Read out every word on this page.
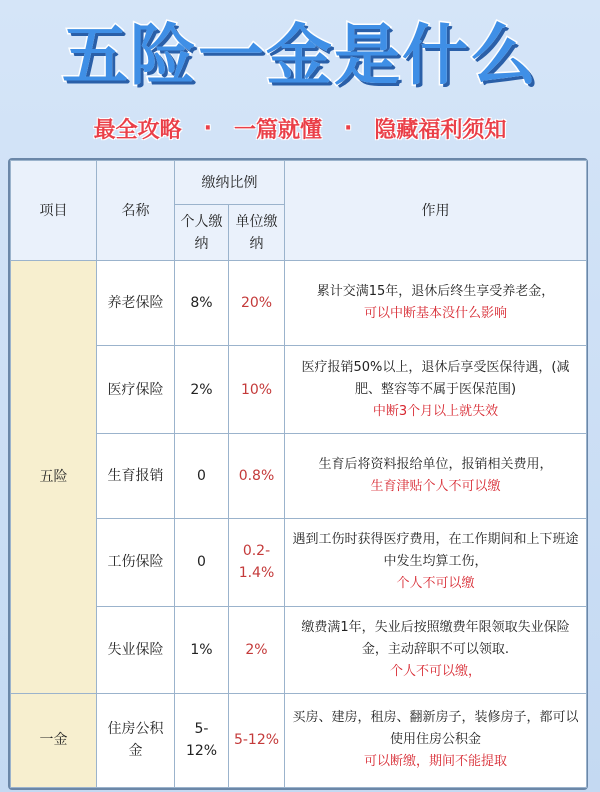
五险一金是什么
最全攻略 · 一篇就懂 · 隐藏福利须知
项目	名称	缴纳比例		作用
		个人缴纳	单位缴纳	
五险	养老保险	8%	20%	累计交满15年，退休后终生享受养老金，
可以中断基本没什么影响

	医疗保险	2%	10%	医疗报销50%以上，退休后享受医保待遇，(减肥、整容等不属于医保范围)
中断3个月以上就失效

	生育报销	0	0.8%	生育后将资料报给单位，报销相关费用，
生育津贴个人不可以缴

	工伤保险	0	0.2-1.4%	遇到工伤时获得医疗费用，在工作期间和上下班途中发生均算工伤，
个人不可以缴

	失业保险	1%	2%	缴费满1年，失业后按照缴费年限领取失业保险金，主动辞职不可以领取.
个人不可以缴，

一金	住房公积金	5-12%	5-12%	买房、建房，租房、翻新房子，装修房子，都可以使用住房公积金
可以断缴，期间不能提取
